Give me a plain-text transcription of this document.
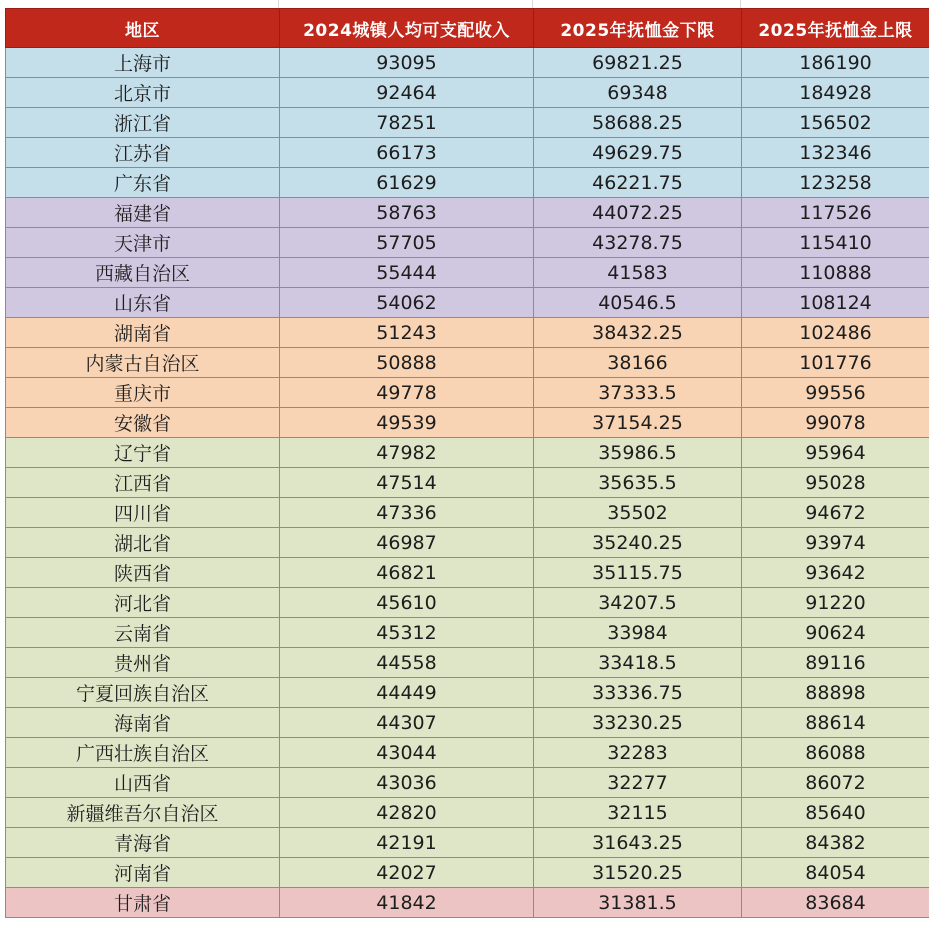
地区	2024城镇人均可支配收入	2025年抚恤金下限	2025年抚恤金上限
上海市	93095	69821.25	186190
北京市	92464	69348	184928
浙江省	78251	58688.25	156502
江苏省	66173	49629.75	132346
广东省	61629	46221.75	123258
福建省	58763	44072.25	117526
天津市	57705	43278.75	115410
西藏自治区	55444	41583	110888
山东省	54062	40546.5	108124
湖南省	51243	38432.25	102486
内蒙古自治区	50888	38166	101776
重庆市	49778	37333.5	99556
安徽省	49539	37154.25	99078
辽宁省	47982	35986.5	95964
江西省	47514	35635.5	95028
四川省	47336	35502	94672
湖北省	46987	35240.25	93974
陕西省	46821	35115.75	93642
河北省	45610	34207.5	91220
云南省	45312	33984	90624
贵州省	44558	33418.5	89116
宁夏回族自治区	44449	33336.75	88898
海南省	44307	33230.25	88614
广西壮族自治区	43044	32283	86088
山西省	43036	32277	86072
新疆维吾尔自治区	42820	32115	85640
青海省	42191	31643.25	84382
河南省	42027	31520.25	84054
甘肃省	41842	31381.5	83684
